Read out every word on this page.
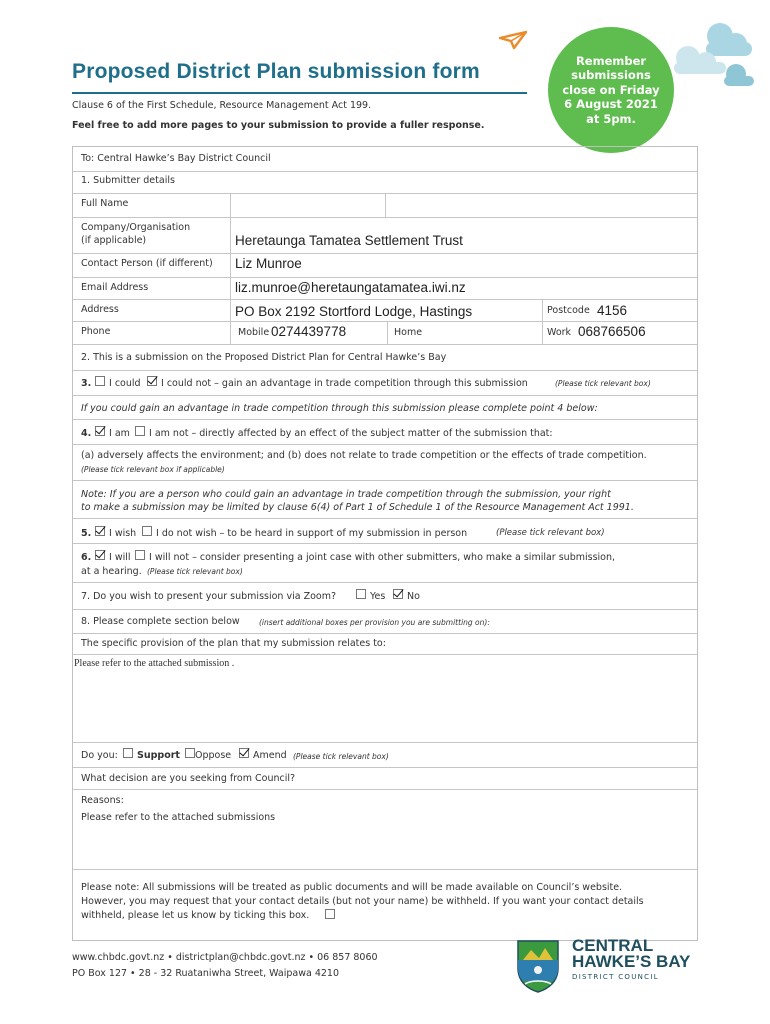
Remember
submissions
close on Friday
6 August 2021
at 5pm.
Proposed District Plan submission form
Clause 6 of the First Schedule, Resource Management Act 199.
Feel free to add more pages to your submission to provide a fuller response.
To: Central Hawke’s Bay District Council
1. Submitter details
Full Name
Company/Organisation
(if applicable)	Heretaunga Tamatea Settlement Trust
Contact Person (if different) Liz Munroe
Email Address	liz.munroe@heretaungatamatea.iwi.nz
Address	PO Box 2192 Stortford Lodge, Hastings	Postcode 4156
Phone	Mobile 0274439778	Home	Work 068766506
2. This is a submission on the Proposed District Plan for Central Hawke’s Bay
3. I could I could not – gain an advantage in trade competition through this submission	(Please tick relevant box)
If you could gain an advantage in trade competition through this submission please complete point 4 below:
4. I am I am not – directly affected by an effect of the subject matter of the submission that:
(a) adversely affects the environment; and (b) does not relate to trade competition or the effects of trade competition.
(Please tick relevant box if applicable)
Note: If you are a person who could gain an advantage in trade competition through the submission, your right
to make a submission may be limited by clause 6(4) of Part 1 of Schedule 1 of the Resource Management Act 1991.
5. I wish I do not wish – to be heard in support of my submission in person	(Please tick relevant box)
6. I will I will not – consider presenting a joint case with other submitters, who make a similar submission,
at a hearing. (Please tick relevant box)
7. Do you wish to present your submission via Zoom?	Yes No
8. Please complete section below	(insert additional boxes per provision you are submitting on):
The specific provision of the plan that my submission relates to:
Please refer to the attached submission .
Do you: Support Oppose Amend (Please tick relevant box)
What decision are you seeking from Council?
Reasons:
Please refer to the attached submissions
Please note: All submissions will be treated as public documents and will be made available on Council’s website.
However, you may request that your contact details (but not your name) be withheld. If you want your contact details
withheld, please let us know by ticking this box.
www.chbdc.govt.nz • districtplan@chbdc.govt.nz • 06 857 8060
PO Box 127 • 28 - 32 Ruataniwha Street, Waipawa 4210
CENTRAL
HAWKE’S BAY
DISTRICT COUNCIL
